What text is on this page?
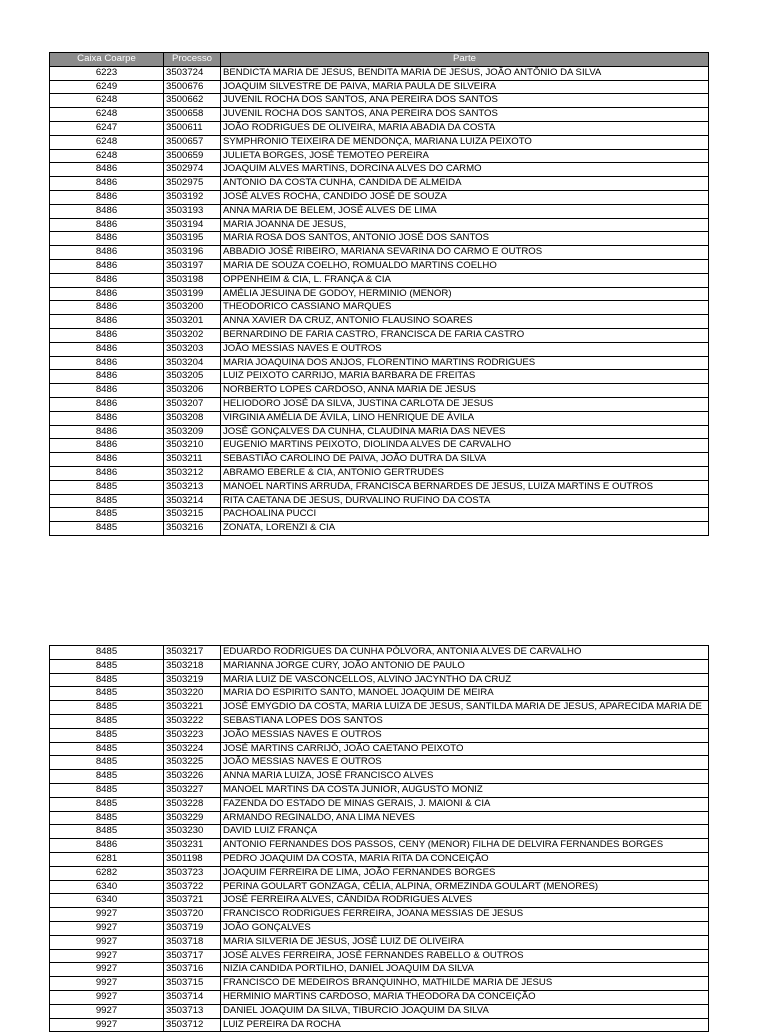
Caixa Coarpe	Processo	Parte
6223	3503724	BENDICTA MARIA DE JESUS, BENDITA MARIA DE JESUS, JOÃO ANTÔNIO DA SILVA
6249	3500676	JOAQUIM SILVESTRE DE PAIVA, MARIA PAULA DE SILVEIRA
6248	3500662	JUVENIL ROCHA DOS SANTOS, ANA PEREIRA DOS SANTOS
6248	3500658	JUVENIL ROCHA DOS SANTOS, ANA PEREIRA DOS SANTOS
6247	3500611	JOÃO RODRIGUES DE OLIVEIRA, MARIA ABADIA DA COSTA
6248	3500657	SYMPHRONIO TEIXEIRA DE MENDONÇA, MARIANA LUIZA PEIXOTO
6248	3500659	JULIETA BORGES, JOSÉ TEMOTEO PEREIRA
8486	3502974	JOAQUIM ALVES MARTINS, DORCINA ALVES DO CARMO
8486	3502975	ANTONIO DA COSTA CUNHA, CANDIDA DE ALMEIDA
8486	3503192	JOSÉ ALVES ROCHA, CANDIDO JOSÉ DE SOUZA
8486	3503193	ANNA MARIA DE BELEM, JOSÉ ALVES DE LIMA
8486	3503194	MARIA JOANNA DE JESUS,
8486	3503195	MARIA ROSA DOS SANTOS, ANTONIO JOSÉ DOS SANTOS
8486	3503196	ABBADIO JOSÉ RIBEIRO, MARIANA SEVARINA DO CARMO E OUTROS
8486	3503197	MARIA DE SOUZA COELHO, ROMUALDO MARTINS COELHO
8486	3503198	OPPENHEIM & CIA, L. FRANÇA & CIA
8486	3503199	AMÉLIA JESUINA DE GODOY, HERMINIO (MENOR)
8486	3503200	THEODORICO CASSIANO MARQUES
8486	3503201	ANNA XAVIER DA CRUZ, ANTONIO FLAUSINO SOARES
8486	3503202	BERNARDINO DE FARIA CASTRO, FRANCISCA DE FARIA CASTRO
8486	3503203	JOÃO MESSIAS NAVES E OUTROS
8486	3503204	MARIA JOAQUINA DOS ANJOS, FLORENTINO MARTINS RODRIGUES
8486	3503205	LUIZ PEIXOTO CARRIJO, MARIA BARBARA DE FREITAS
8486	3503206	NORBERTO LOPES CARDOSO, ANNA MARIA DE JESUS
8486	3503207	HELIODORO JOSÉ DA SILVA, JUSTINA CARLOTA DE JESUS
8486	3503208	VIRGINIA AMÉLIA DE ÁVILA, LINO HENRIQUE DE ÁVILA
8486	3503209	JOSÉ GONÇALVES DA CUNHA, CLAUDINA MARIA DAS NEVES
8486	3503210	EUGENIO MARTINS PEIXOTO, DIOLINDA ALVES DE CARVALHO
8486	3503211	SEBASTIÃO CAROLINO DE PAIVA, JOÃO DUTRA DA SILVA
8486	3503212	ABRAMO EBERLE & CIA, ANTONIO GERTRUDES
8485	3503213	MANOEL NARTINS ARRUDA, FRANCISCA BERNARDES DE JESUS, LUIZA MARTINS E OUTROS
8485	3503214	RITA CAETANA DE JESUS, DURVALINO RUFINO DA COSTA
8485	3503215	PACHOALINA PUCCI
8485	3503216	ZONATA, LORENZI & CIA
8485	3503217	EDUARDO RODRIGUES DA CUNHA PÓLVORA, ANTONIA ALVES DE CARVALHO
8485	3503218	MARIANNA JORGE CURY, JOÃO ANTONIO DE PAULO
8485	3503219	MARIA LUIZ DE VASCONCELLOS, ALVINO JACYNTHO DA CRUZ
8485	3503220	MARIA DO ESPIRITO SANTO, MANOEL JOAQUIM DE MEIRA
8485	3503221	JOSÉ EMYGDIO DA COSTA, MARIA LUIZA DE JESUS, SANTILDA MARIA DE JESUS, APARECIDA MARIA DE
8485	3503222	SEBASTIANA LOPES DOS SANTOS
8485	3503223	JOÃO MESSIAS NAVES E OUTROS
8485	3503224	JOSÉ MARTINS CARRIJÓ, JOÃO CAETANO PEIXOTO
8485	3503225	JOÃO MESSIAS NAVES E OUTROS
8485	3503226	ANNA MARIA LUIZA, JOSÉ FRANCISCO ALVES
8485	3503227	MANOEL MARTINS DA COSTA JUNIOR, AUGUSTO MONIZ
8485	3503228	FAZENDA DO ESTADO DE MINAS GERAIS, J. MAIONI & CIA
8485	3503229	ARMANDO REGINALDO, ANA LIMA NEVES
8485	3503230	DAVID LUIZ FRANÇA
8486	3503231	ANTONIO FERNANDES DOS PASSOS, CENY (MENOR) FILHA DE DELVIRA FERNANDES BORGES
6281	3501198	PEDRO JOAQUIM DA COSTA, MARIA RITA DA CONCEIÇÃO
6282	3503723	JOAQUIM FERREIRA DE LIMA, JOÃO FERNANDES BORGES
6340	3503722	PERINA GOULART GONZAGA, CÉLIA, ALPINA, ORMEZINDA GOULART (MENORES)
6340	3503721	JOSÉ FERREIRA ALVES, CÂNDIDA RODRIGUES ALVES
9927	3503720	FRANCISCO RODRIGUES FERREIRA, JOANA MESSIAS DE JESUS
9927	3503719	JOÃO GONÇALVES
9927	3503718	MARIA SILVERIA DE JESUS, JOSÉ LUIZ DE OLIVEIRA
9927	3503717	JOSÉ ALVES FERREIRA, JOSÉ FERNANDES RABELLO & OUTROS
9927	3503716	NIZIA CANDIDA PORTILHO, DANIEL JOAQUIM DA SILVA
9927	3503715	FRANCISCO DE MEDEIROS BRANQUINHO, MATHILDE MARIA DE JESUS
9927	3503714	HERMINIO MARTINS CARDOSO, MARIA THEODORA DA CONCEIÇÃO
9927	3503713	DANIEL JOAQUIM DA SILVA, TIBURCIO JOAQUIM DA SILVA
9927	3503712	LUIZ PEREIRA DA ROCHA
